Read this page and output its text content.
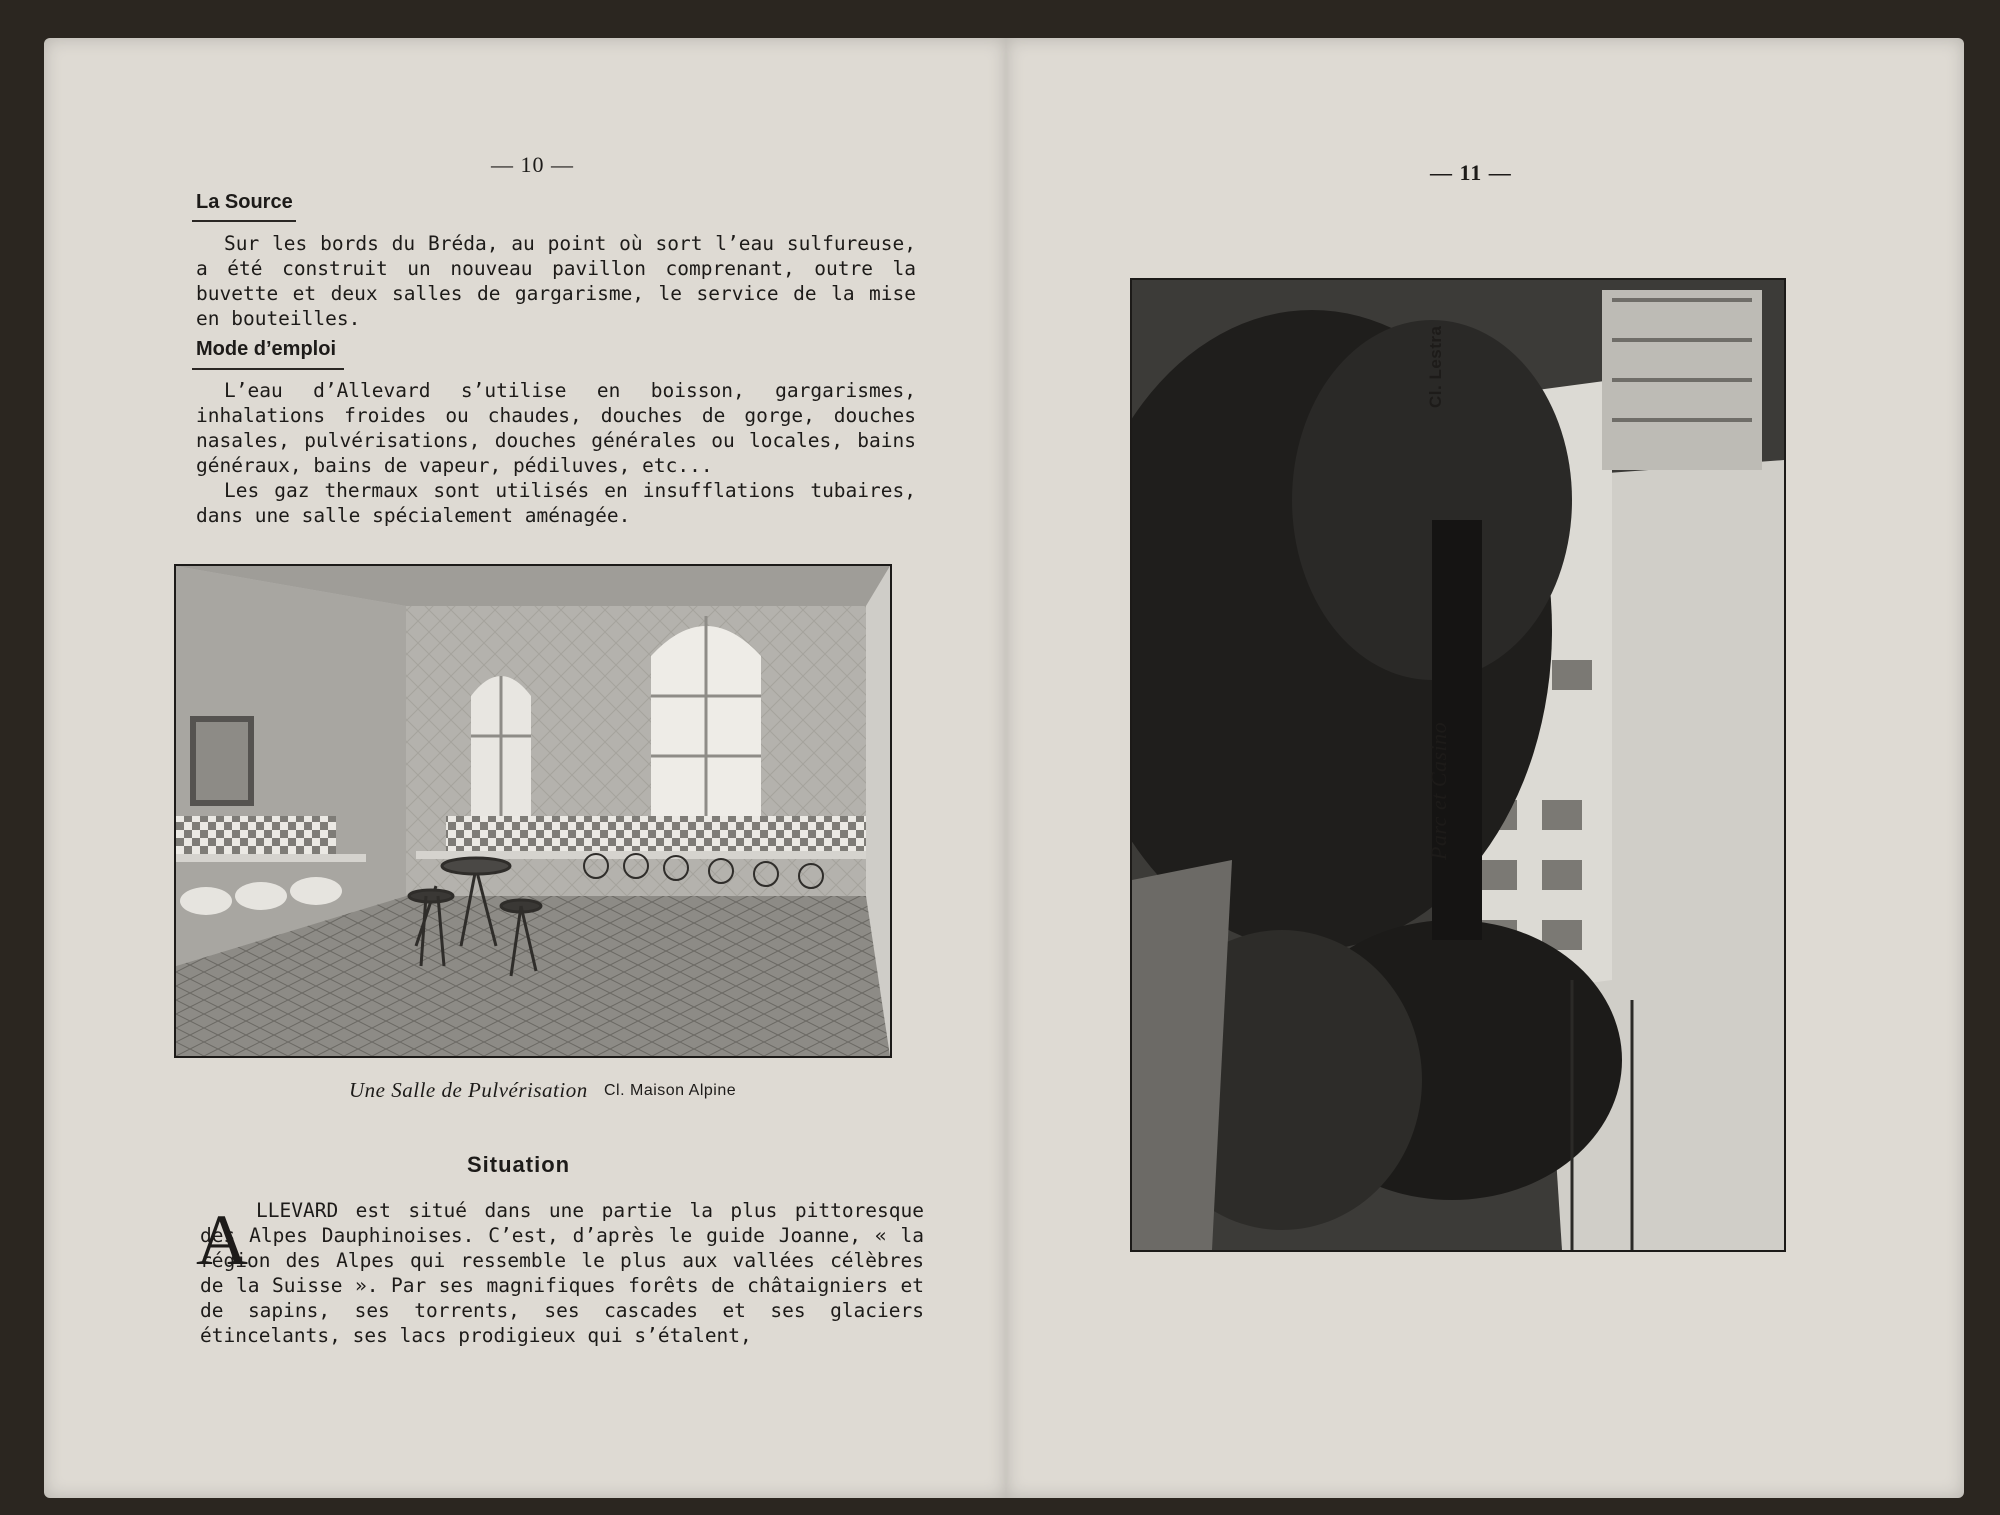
— 10 —
La Source

Sur les bords du Bréda, au point où sort l’eau sulfureuse, a été construit un nouveau pavillon comprenant, outre la buvette et deux salles de gargarisme, le service de la mise en bouteilles.

Mode d’emploi

L’eau d’Allevard s’utilise en boisson, gargarismes, inhalations froides ou chaudes, douches de gorge, douches nasales, pulvérisations, douches générales ou locales, bains généraux, bains de vapeur, pédiluves, etc...

Les gaz thermaux sont utilisés en insufflations tubaires, dans une salle spécialement aménagée.

Une Salle de Pulvérisation Cl. Maison Alpine
Situation
A LLEVARD est situé dans une partie la plus pittoresque des Alpes Dauphinoises. C’est, d’après le guide Joanne, « la région des Alpes qui ressemble le plus aux vallées célèbres de la Suisse ». Par ses magnifiques forêts de châtaigniers et de sapins, ses torrents, ses cascades et ses glaciers étincelants, ses lacs prodigieux qui s’étalent,

— 11 —
Parc et Casino
Cl. Lestra
